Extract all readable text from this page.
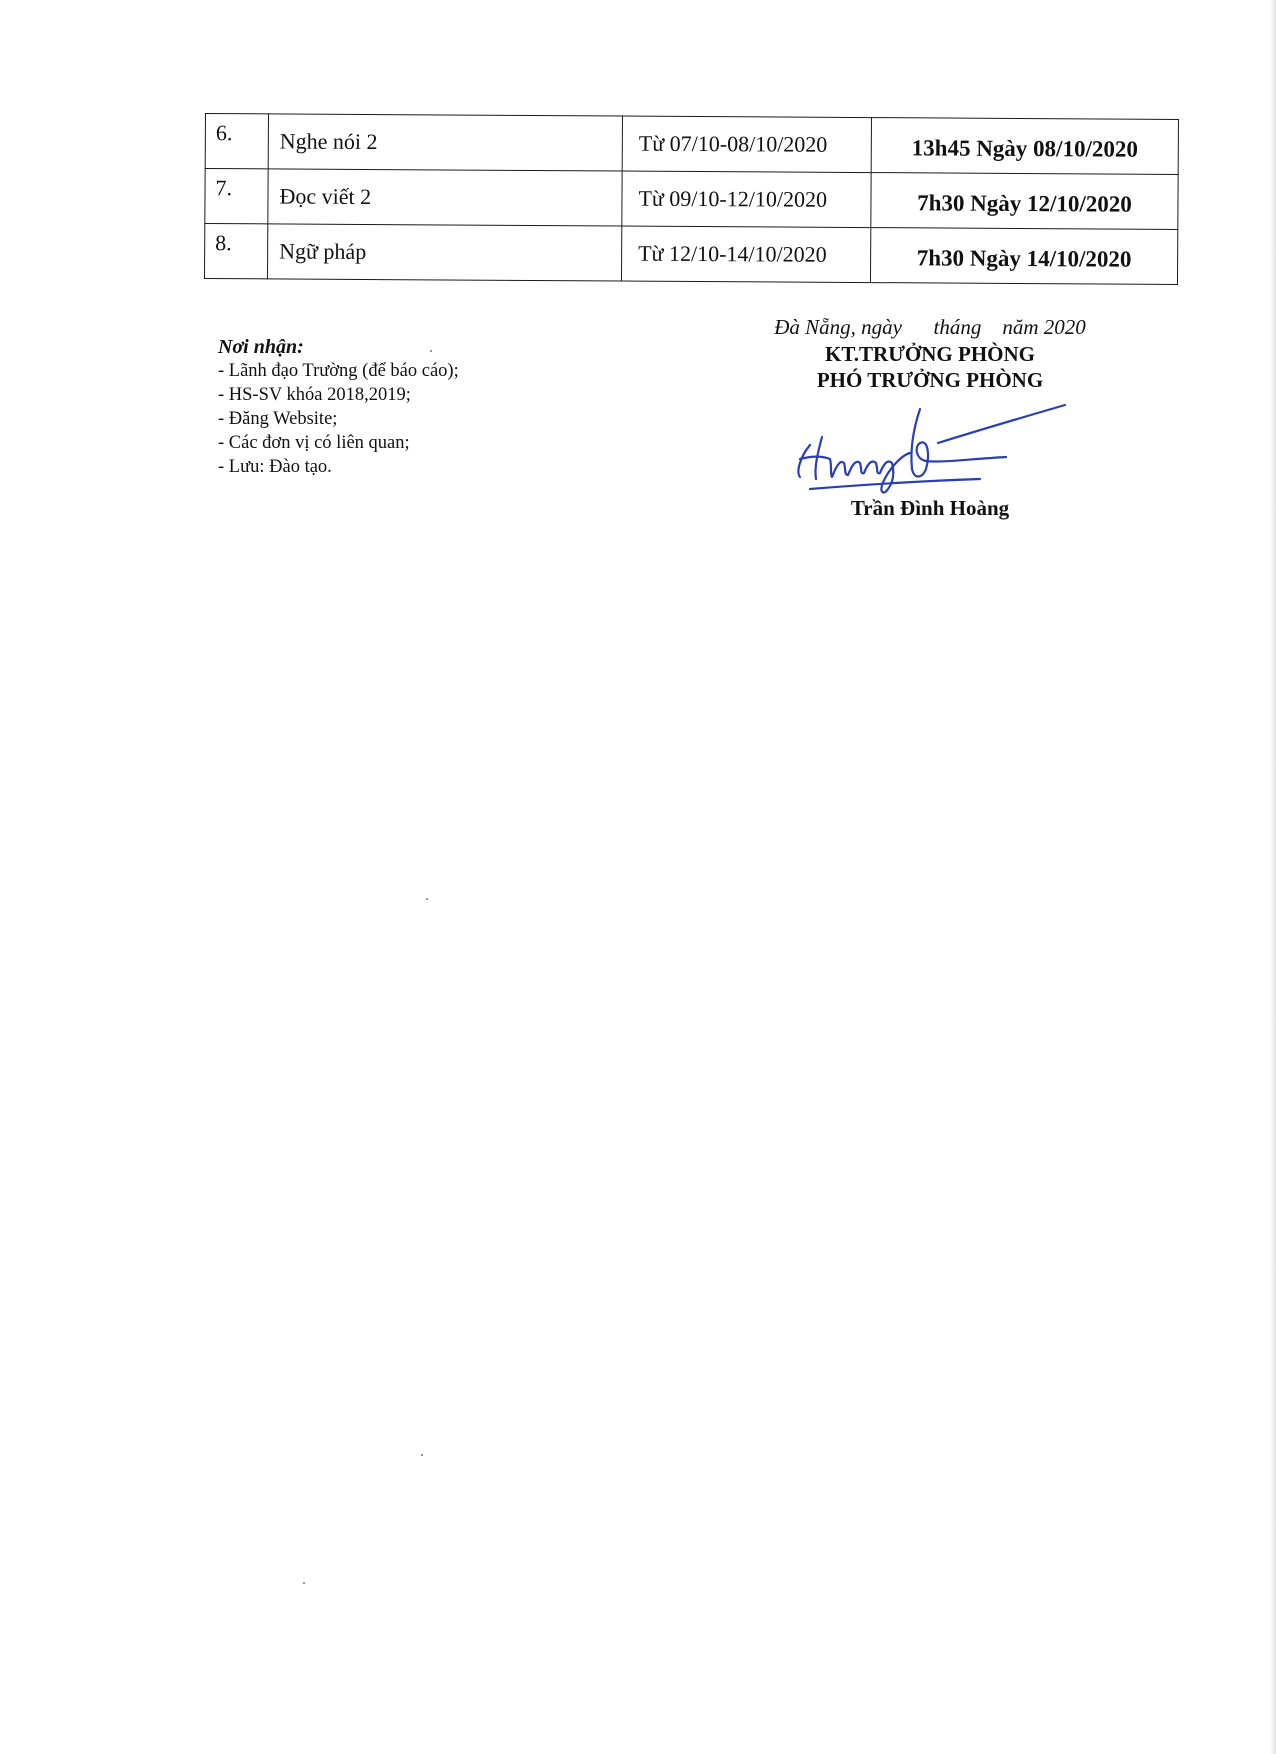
6.	Nghe nói 2	Từ 07/10-08/10/2020	13h45 Ngày 08/10/2020
7.	Đọc viết 2	Từ 09/10-12/10/2020	7h30 Ngày 12/10/2020
8.	Ngữ pháp	Từ 12/10-14/10/2020	7h30 Ngày 14/10/2020
Nơi nhận:
- Lãnh đạo Trường (để báo cáo);
- HS-SV khóa 2018,2019;
- Đăng Website;
- Các đơn vị có liên quan;
- Lưu: Đào tạo.
Đà Nẵng, ngày      tháng    năm 2020
KT.TRƯỞNG PHÒNG
PHÓ TRƯỞNG PHÒNG
Trần Đình Hoàng
